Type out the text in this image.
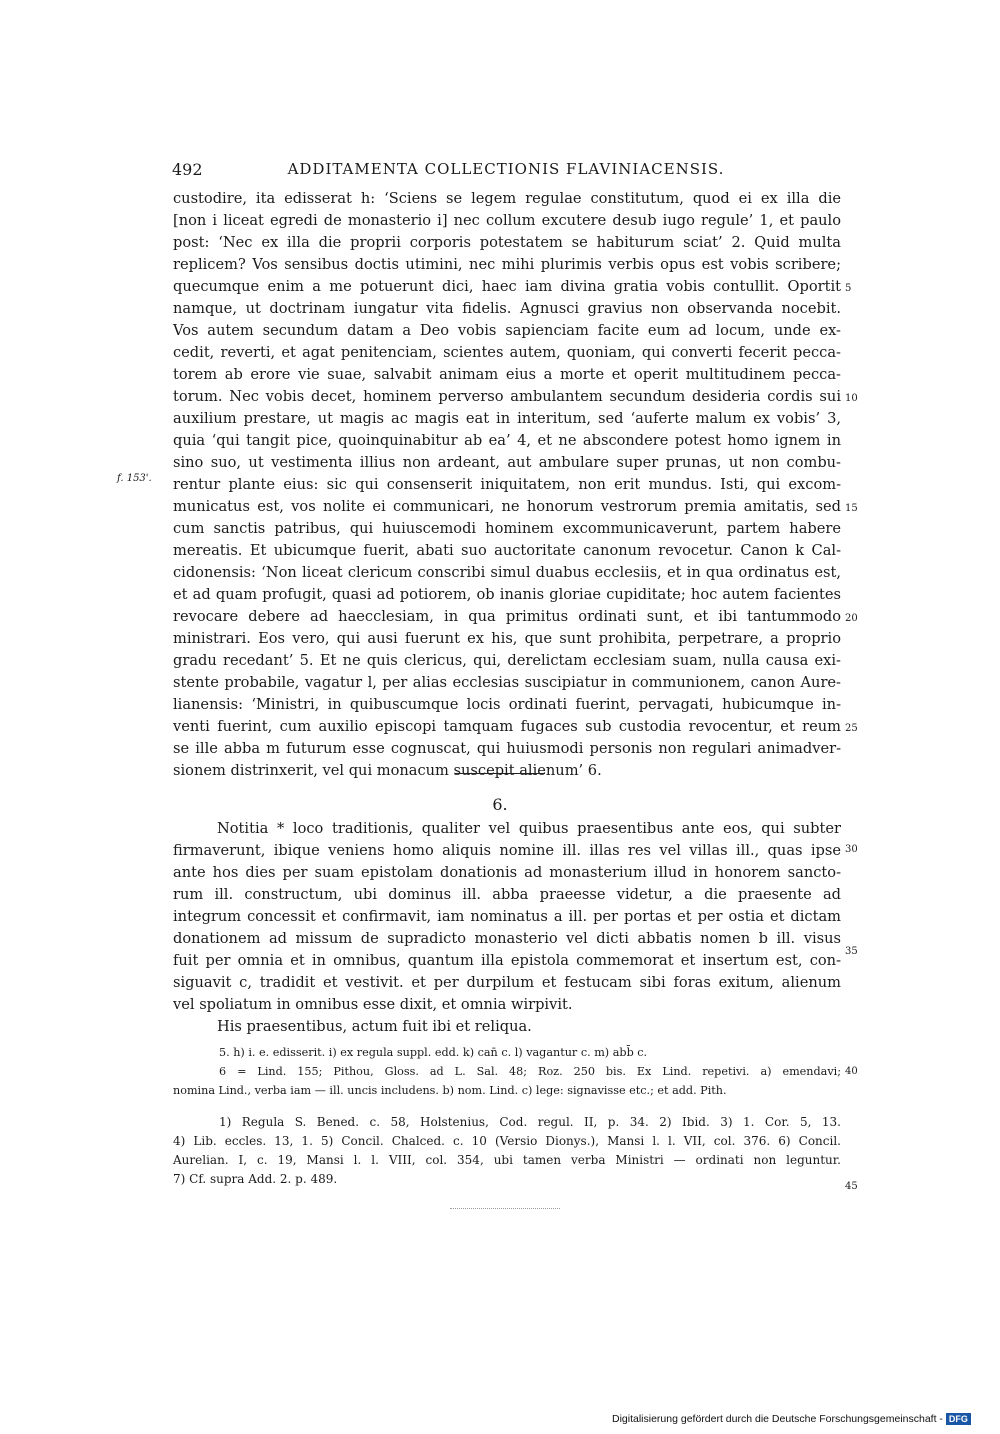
492	ADDITAMENTA COLLECTIONIS FLAVINIACENSIS.
custodire, ita edisserat h: ‘Sciens se legem regulae constitutum, quod ei ex illa die
[non i liceat egredi de monasterio i] nec collum excutere desub iugo regule’ 1, et paulo
post: ‘Nec ex illa die proprii corporis potestatem se habiturum sciat’ 2. Quid multa
replicem? Vos sensibus doctis utimini, nec mihi plurimis verbis opus est vobis scribere;
quecumque enim a me potuerunt dici, haec iam divina gratia vobis contullit. Oportit
namque, ut doctrinam iungatur vita fidelis. Agnusci gravius non observanda nocebit.
Vos autem secundum datam a Deo vobis sapienciam facite eum ad locum, unde ex-
cedit, reverti, et agat penitenciam, scientes autem, quoniam, qui converti fecerit pecca-
torem ab erore vie suae, salvabit animam eius a morte et operit multitudinem pecca-
torum. Nec vobis decet, hominem perverso ambulantem secundum desideria cordis sui
auxilium prestare, ut magis ac magis eat in interitum, sed ‘auferte malum ex vobis’ 3,
quia ‘qui tangit pice, quoinquinabitur ab ea’ 4, et ne abscondere potest homo ignem in
sino suo, ut vestimenta illius non ardeant, aut ambulare super prunas, ut non combu-
rentur plante eius: sic qui consenserit iniquitatem, non erit mundus. Isti, qui excom-
municatus est, vos nolite ei communicari, ne honorum vestrorum premia amitatis, sed
cum sanctis patribus, qui huiuscemodi hominem excommunicaverunt, partem habere
mereatis. Et ubicumque fuerit, abati suo auctoritate canonum revocetur. Canon k Cal-
cidonensis: ‘Non liceat clericum conscribi simul duabus ecclesiis, et in qua ordinatus est,
et ad quam profugit, quasi ad potiorem, ob inanis gloriae cupiditate; hoc autem facientes
revocare debere ad haecclesiam, in qua primitus ordinati sunt, et ibi tantummodo
ministrari. Eos vero, qui ausi fuerunt ex his, que sunt prohibita, perpetrare, a proprio
gradu recedant’ 5. Et ne quis clericus, qui, derelictam ecclesiam suam, nulla causa exi-
stente probabile, vagatur l, per alias ecclesias suscipiatur in communionem, canon Aure-
lianensis: ‘Ministri, in quibuscumque locis ordinati fuerint, pervagati, hubicumque in-
venti fuerint, cum auxilio episcopi tamquam fugaces sub custodia revocentur, et reum
se ille abba m futurum esse cognuscat, qui huiusmodi personis non regulari animadver-
sionem distrinxerit, vel qui monacum suscepit alienum’ 6.
f. 153'.
5
10
15
20
25
6.
Notitia * loco traditionis, qualiter vel quibus praesentibus ante eos, qui subter
firmaverunt, ibique veniens homo aliquis nomine ill. illas res vel villas ill., quas ipse
ante hos dies per suam epistolam donationis ad monasterium illud in honorem sancto-
rum ill. constructum, ubi dominus ill. abba praeesse videtur, a die praesente ad
integrum concessit et confirmavit, iam nominatus a ill. per portas et per ostia et dictam
donationem ad missum de supradicto monasterio vel dicti abbatis nomen b ill. visus
fuit per omnia et in omnibus, quantum illa epistola commemorat et insertum est, con-
siguavit c, tradidit et vestivit. et per durpilum et festucam sibi foras exitum, alienum
vel spoliatum in omnibus esse dixit, et omnia wirpivit.
His praesentibus, actum fuit ibi et reliqua.
30
35
5. h) i. e. edisserit. i) ex regula suppl. edd. k) can̄ c. l) vagantur c. m) abb̄ c.
6 = Lind. 155; Pithou, Gloss. ad L. Sal. 48; Roz. 250 bis. Ex Lind. repetivi. a) emendavi;
nomina Lind., verba iam — ill. uncis includens. b) nom. Lind. c) lege: signavisse etc.; et add. Pith.
40
1) Regula S. Bened. c. 58, Holstenius, Cod. regul. II, p. 34. 2) Ibid. 3) 1. Cor. 5, 13.
4) Lib. eccles. 13, 1. 5) Concil. Chalced. c. 10 (Versio Dionys.), Mansi l. l. VII, col. 376. 6) Concil.
Aurelian. I, c. 19, Mansi l. l. VIII, col. 354, ubi tamen verba Ministri — ordinati non leguntur.
7) Cf. supra Add. 2. p. 489.
45
Digitalisierung gefördert durch die Deutsche Forschungsgemeinschaft - DFG
